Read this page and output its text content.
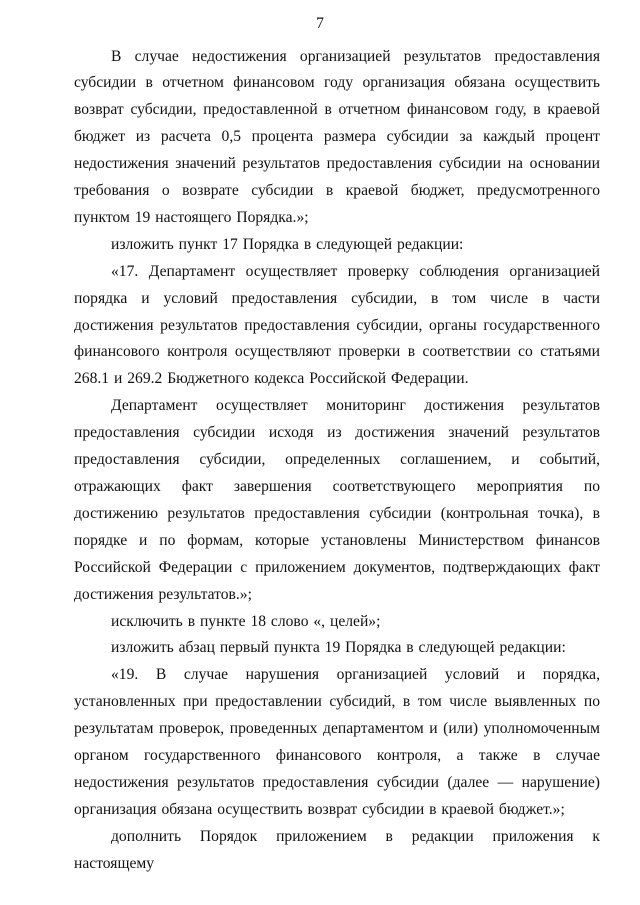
7

В случае недостижения организацией результатов предоставления субсидии в отчетном финансовом году организация обязана осуществить возврат субсидии, предоставленной в отчетном финансовом году, в краевой бюджет из расчета 0,5 процента размера субсидии за каждый процент недостижения значений результатов предоставления субсидии на основании требования о возврате субсидии в краевой бюджет, предусмотренного пунктом 19 настоящего Порядка.»;

изложить пункт 17 Порядка в следующей редакции:

«17. Департамент осуществляет проверку соблюдения организацией порядка и условий предоставления субсидии, в том числе в части достижения результатов предоставления субсидии, органы государственного финансового контроля осуществляют проверки в соответствии со статьями 268.1 и 269.2 Бюджетного кодекса Российской Федерации.

Департамент осуществляет мониторинг достижения результатов предоставления субсидии исходя из достижения значений результатов предоставления субсидии, определенных соглашением, и событий, отражающих факт завершения соответствующего мероприятия по достижению результатов предоставления субсидии (контрольная точка), в порядке и по формам, которые установлены Министерством финансов Российской Федерации с приложением документов, подтверждающих факт достижения результатов.»;

исключить в пункте 18 слово «, целей»;

изложить абзац первый пункта 19 Порядка в следующей редакции:

«19. В случае нарушения организацией условий и порядка, установленных при предоставлении субсидий, в том числе выявленных по результатам проверок, проведенных департаментом и (или) уполномоченным органом государственного финансового контроля, а также в случае недостижения результатов предоставления субсидии (далее — нарушение) организация обязана осуществить возврат субсидии в краевой бюджет.»;

дополнить Порядок приложением в редакции приложения к настоящему
